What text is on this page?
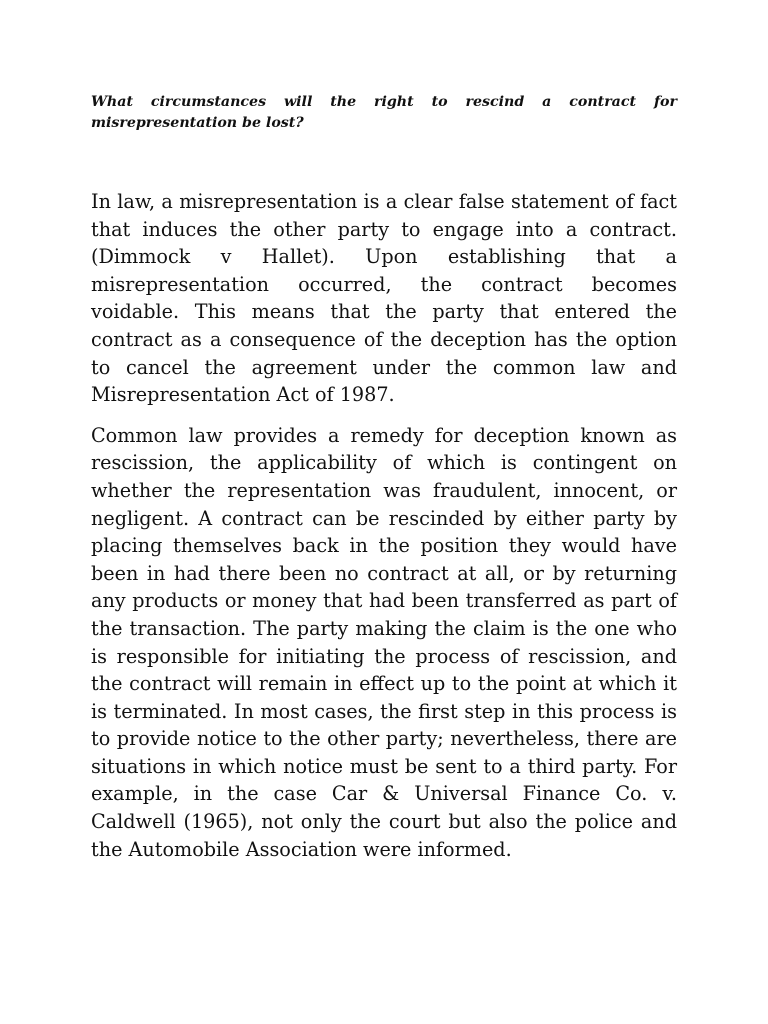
What circumstances will the right to rescind a contract for misrepresentation be lost?

In law, a misrepresentation is a clear false statement of fact that induces the other party to engage into a contract. (Dimmock v Hallet). Upon establishing that a misrepresentation occurred, the contract becomes voidable. This means that the party that entered the contract as a consequence of the deception has the option to cancel the agreement under the common law and Misrepresentation Act of 1987.

Common law provides a remedy for deception known as rescission, the applicability of which is contingent on whether the representation was fraudulent, innocent, or negligent. A contract can be rescinded by either party by placing themselves back in the position they would have been in had there been no contract at all, or by returning any products or money that had been transferred as part of the transaction. The party making the claim is the one who is responsible for initiating the process of rescission, and the contract will remain in effect up to the point at which it is terminated. In most cases, the first step in this process is to provide notice to the other party; nevertheless, there are situations in which notice must be sent to a third party. For example, in the case Car & Universal Finance Co. v. Caldwell (1965), not only the court but also the police and the Automobile Association were informed.
